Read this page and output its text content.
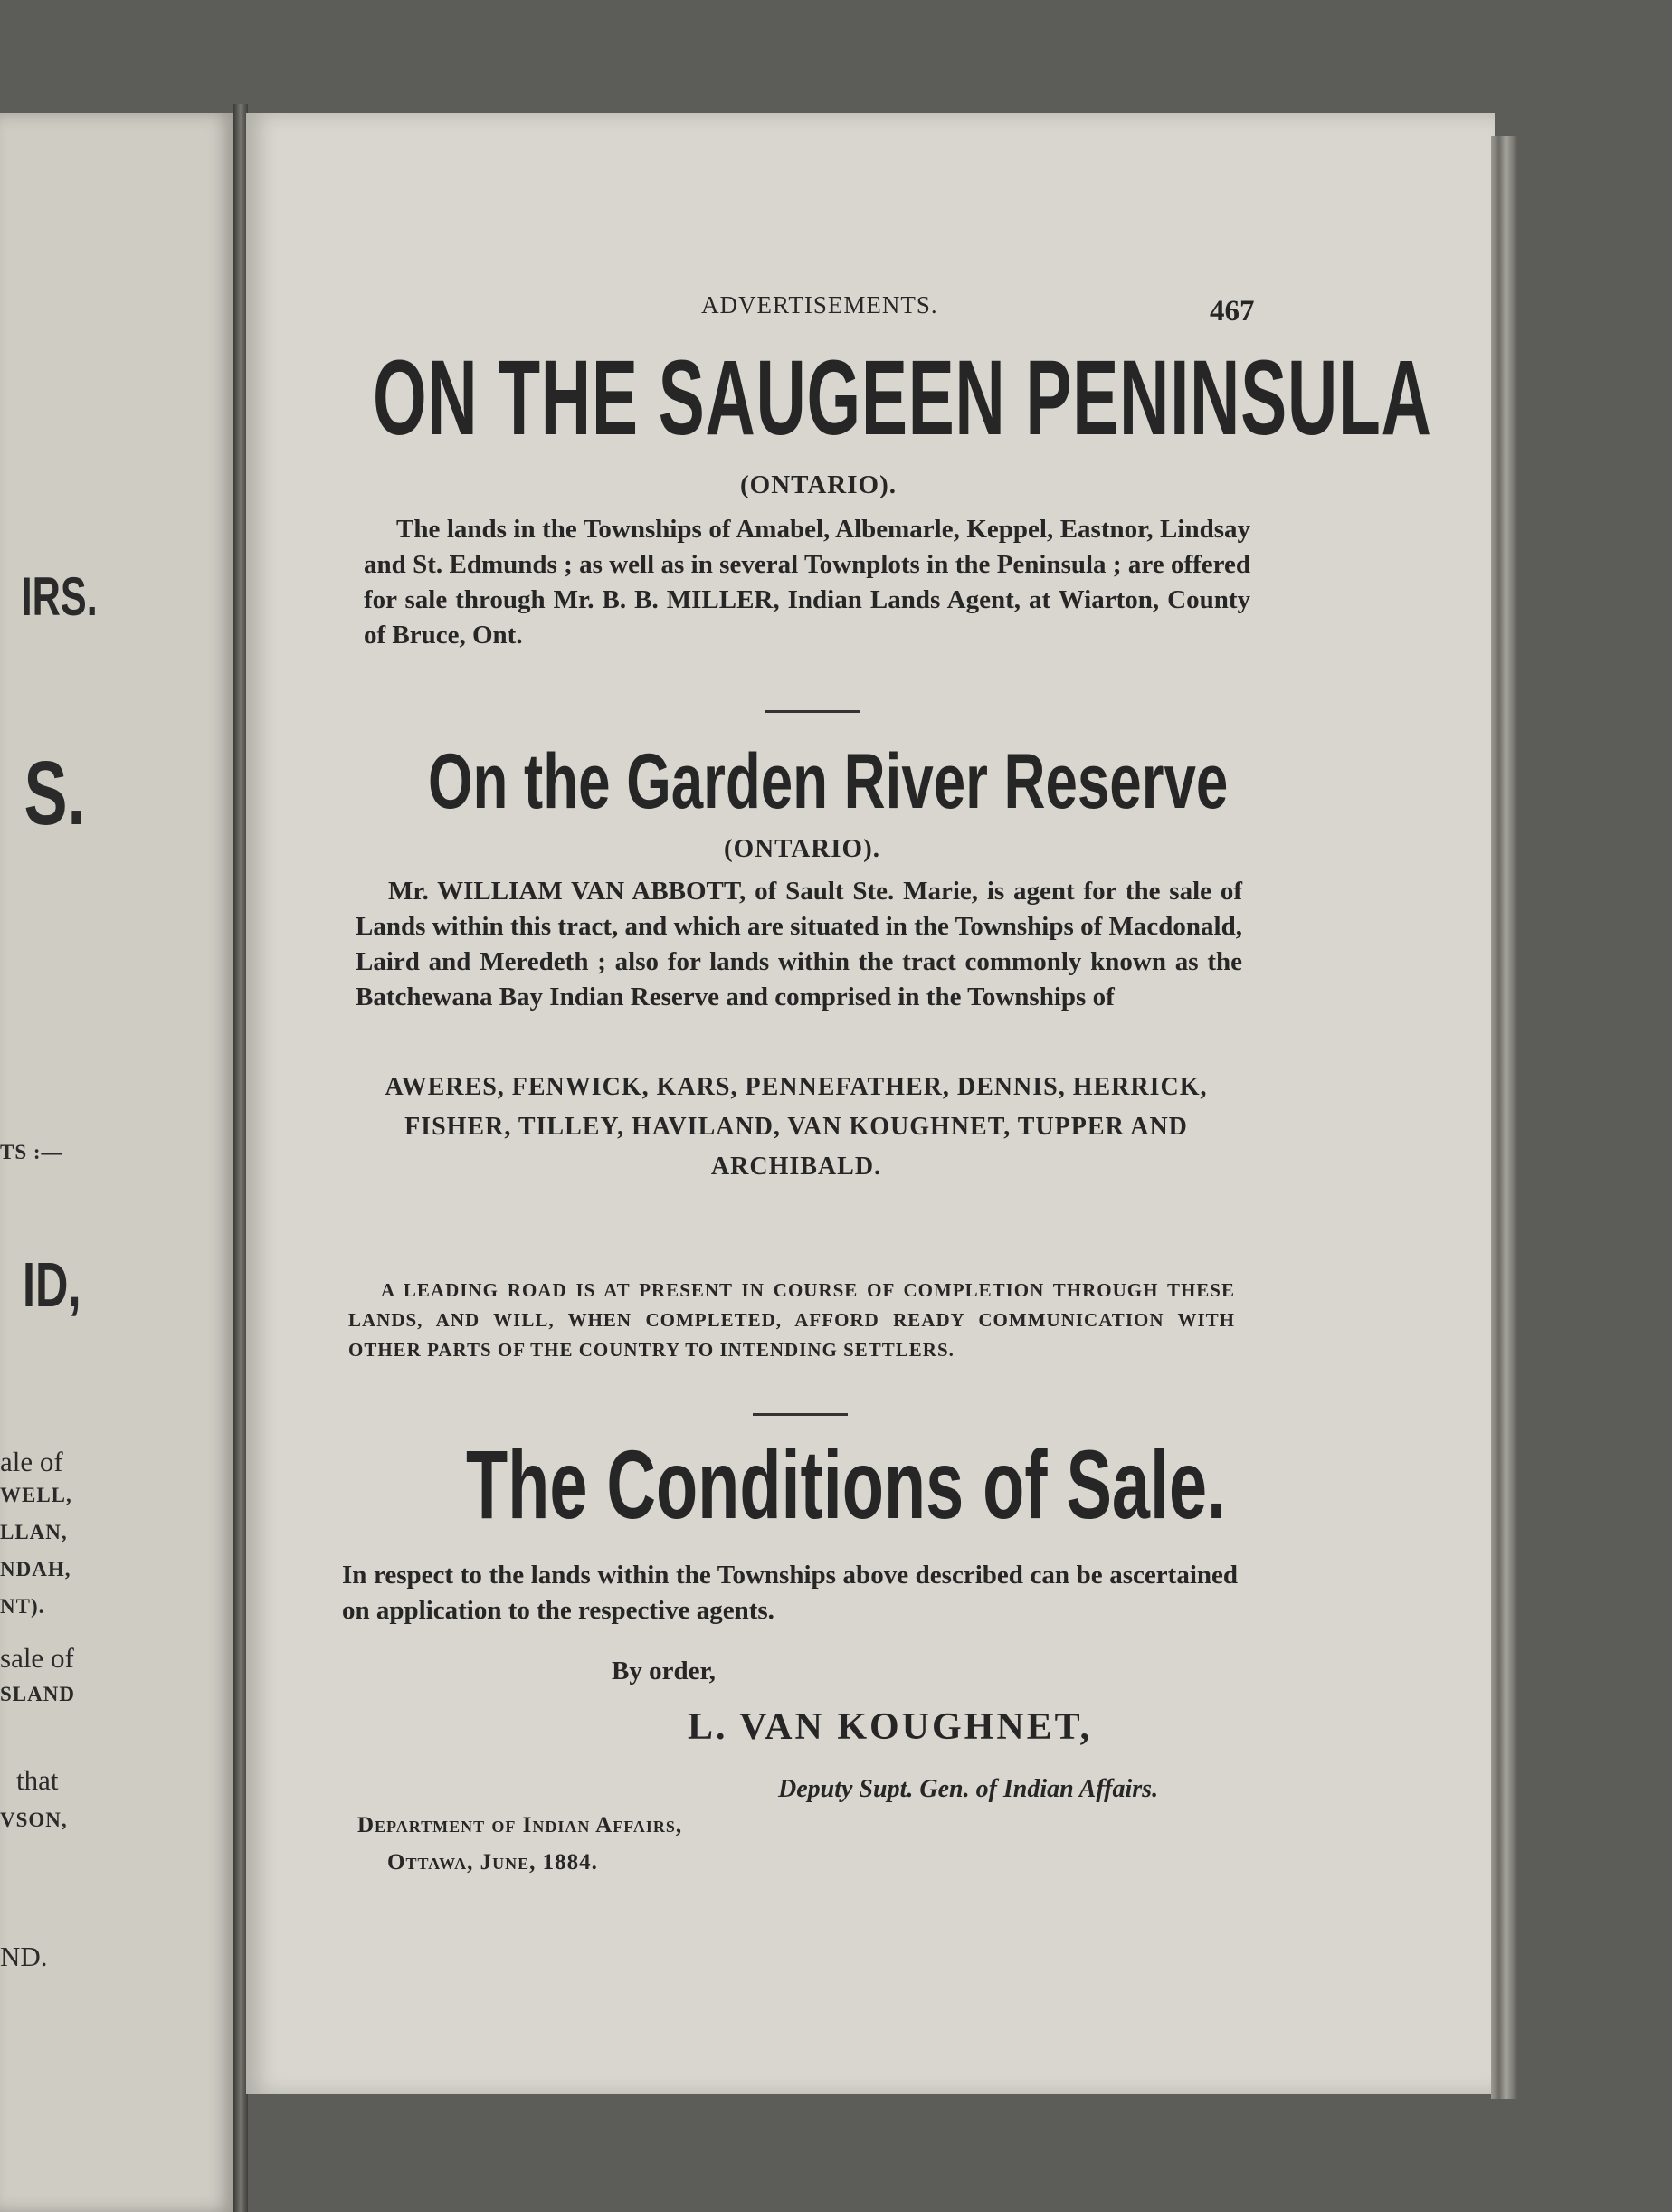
IRS.
S.
TS :—
ID,
ale of
WELL,
LLAN,
NDAH,
NT).
sale of
SLAND
that
VSON,
ND.
ADVERTISEMENTS.	467
ON THE SAUGEEN PENINSULA
(ONTARIO).
The lands in the Townships of Amabel, Albemarle, Keppel, Eastnor, Lindsay and St. Edmunds ; as well as in several Townplots in the Peninsula ; are offered for sale through Mr. B. B. MILLER, Indian Lands Agent, at Wiarton, County of Bruce, Ont.
On the Garden River Reserve
(ONTARIO).
Mr. WILLIAM VAN ABBOTT, of Sault Ste. Marie, is agent for the sale of Lands within this tract, and which are situated in the Townships of Macdonald, Laird and Meredeth ; also for lands within the tract commonly known as the Batchewana Bay Indian Reserve and comprised in the Townships of
AWERES, FENWICK, KARS, PENNEFATHER, DENNIS, HERRICK, FISHER, TILLEY, HAVILAND, VAN KOUGHNET, TUPPER AND ARCHIBALD.
A LEADING ROAD IS AT PRESENT IN COURSE OF COMPLETION THROUGH THESE LANDS, AND WILL, WHEN COMPLETED, AFFORD READY COMMUNICATION WITH OTHER PARTS OF THE COUNTRY TO INTENDING SETTLERS.
The Conditions of Sale.
In respect to the lands within the Townships above described can be ascertained on application to the respective agents.
By order,
L. VAN KOUGHNET,
Deputy Supt. Gen. of Indian Affairs.
Department of Indian Affairs,
Ottawa, June, 1884.
